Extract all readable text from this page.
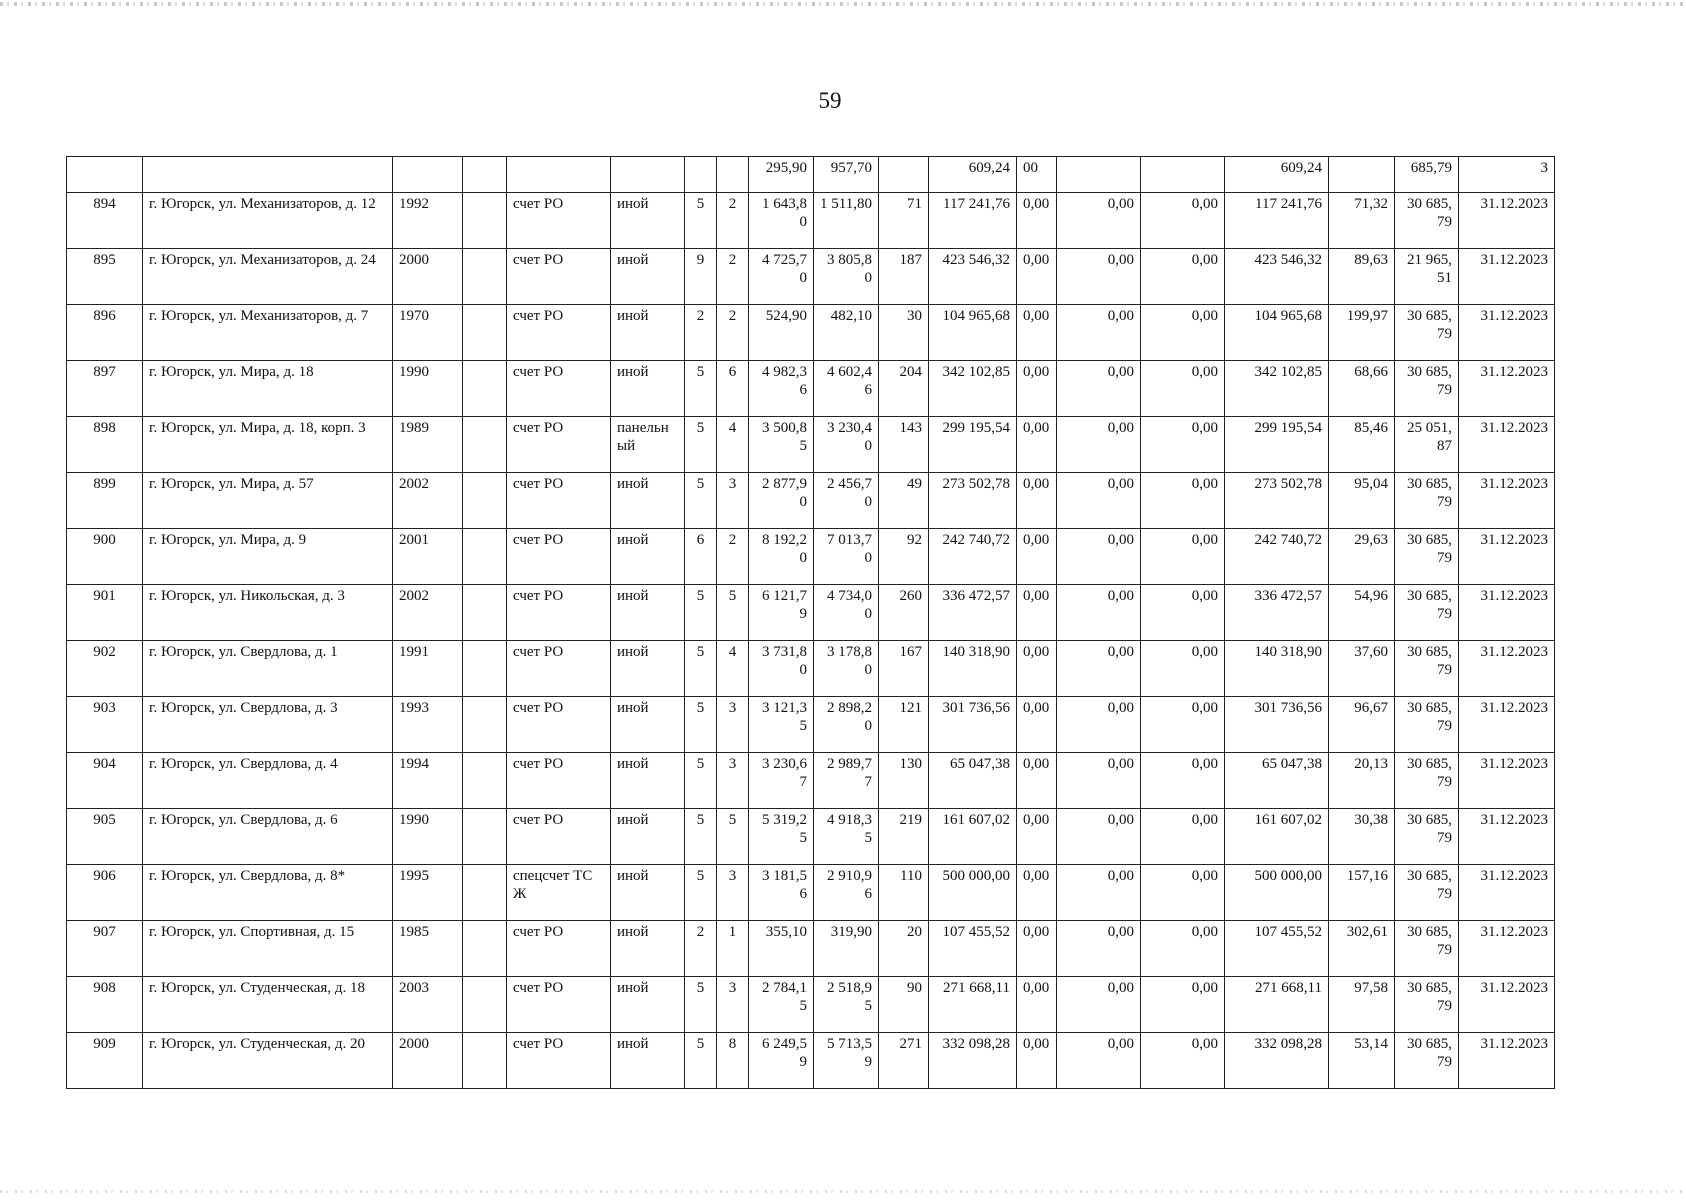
59
								295,90	957,70		609,24	00			609,24		685,79	3
894	г. Югорск, ул. Механизаторов, д. 12	1992		счет РО	иной	5	2	1 643,80	1 511,80	71	117 241,76	0,00	0,00	0,00	117 241,76	71,32	30 685,79	31.12.2023
895	г. Югорск, ул. Механизаторов, д. 24	2000		счет РО	иной	9	2	4 725,70	3 805,80	187	423 546,32	0,00	0,00	0,00	423 546,32	89,63	21 965,51	31.12.2023
896	г. Югорск, ул. Механизаторов, д. 7	1970		счет РО	иной	2	2	524,90	482,10	30	104 965,68	0,00	0,00	0,00	104 965,68	199,97	30 685,79	31.12.2023
897	г. Югорск, ул. Мира, д. 18	1990		счет РО	иной	5	6	4 982,36	4 602,46	204	342 102,85	0,00	0,00	0,00	342 102,85	68,66	30 685,79	31.12.2023
898	г. Югорск, ул. Мира, д. 18, корп. 3	1989		счет РО	панельный	5	4	3 500,85	3 230,40	143	299 195,54	0,00	0,00	0,00	299 195,54	85,46	25 051,87	31.12.2023
899	г. Югорск, ул. Мира, д. 57	2002		счет РО	иной	5	3	2 877,90	2 456,70	49	273 502,78	0,00	0,00	0,00	273 502,78	95,04	30 685,79	31.12.2023
900	г. Югорск, ул. Мира, д. 9	2001		счет РО	иной	6	2	8 192,20	7 013,70	92	242 740,72	0,00	0,00	0,00	242 740,72	29,63	30 685,79	31.12.2023
901	г. Югорск, ул. Никольская, д. 3	2002		счет РО	иной	5	5	6 121,79	4 734,00	260	336 472,57	0,00	0,00	0,00	336 472,57	54,96	30 685,79	31.12.2023
902	г. Югорск, ул. Свердлова, д. 1	1991		счет РО	иной	5	4	3 731,80	3 178,80	167	140 318,90	0,00	0,00	0,00	140 318,90	37,60	30 685,79	31.12.2023
903	г. Югорск, ул. Свердлова, д. 3	1993		счет РО	иной	5	3	3 121,35	2 898,20	121	301 736,56	0,00	0,00	0,00	301 736,56	96,67	30 685,79	31.12.2023
904	г. Югорск, ул. Свердлова, д. 4	1994		счет РО	иной	5	3	3 230,67	2 989,77	130	65 047,38	0,00	0,00	0,00	65 047,38	20,13	30 685,79	31.12.2023
905	г. Югорск, ул. Свердлова, д. 6	1990		счет РО	иной	5	5	5 319,25	4 918,35	219	161 607,02	0,00	0,00	0,00	161 607,02	30,38	30 685,79	31.12.2023
906	г. Югорск, ул. Свердлова, д. 8*	1995		спецсчет ТСЖ	иной	5	3	3 181,56	2 910,96	110	500 000,00	0,00	0,00	0,00	500 000,00	157,16	30 685,79	31.12.2023
907	г. Югорск, ул. Спортивная, д. 15	1985		счет РО	иной	2	1	355,10	319,90	20	107 455,52	0,00	0,00	0,00	107 455,52	302,61	30 685,79	31.12.2023
908	г. Югорск, ул. Студенческая, д. 18	2003		счет РО	иной	5	3	2 784,15	2 518,95	90	271 668,11	0,00	0,00	0,00	271 668,11	97,58	30 685,79	31.12.2023
909	г. Югорск, ул. Студенческая, д. 20	2000		счет РО	иной	5	8	6 249,59	5 713,59	271	332 098,28	0,00	0,00	0,00	332 098,28	53,14	30 685,79	31.12.2023
